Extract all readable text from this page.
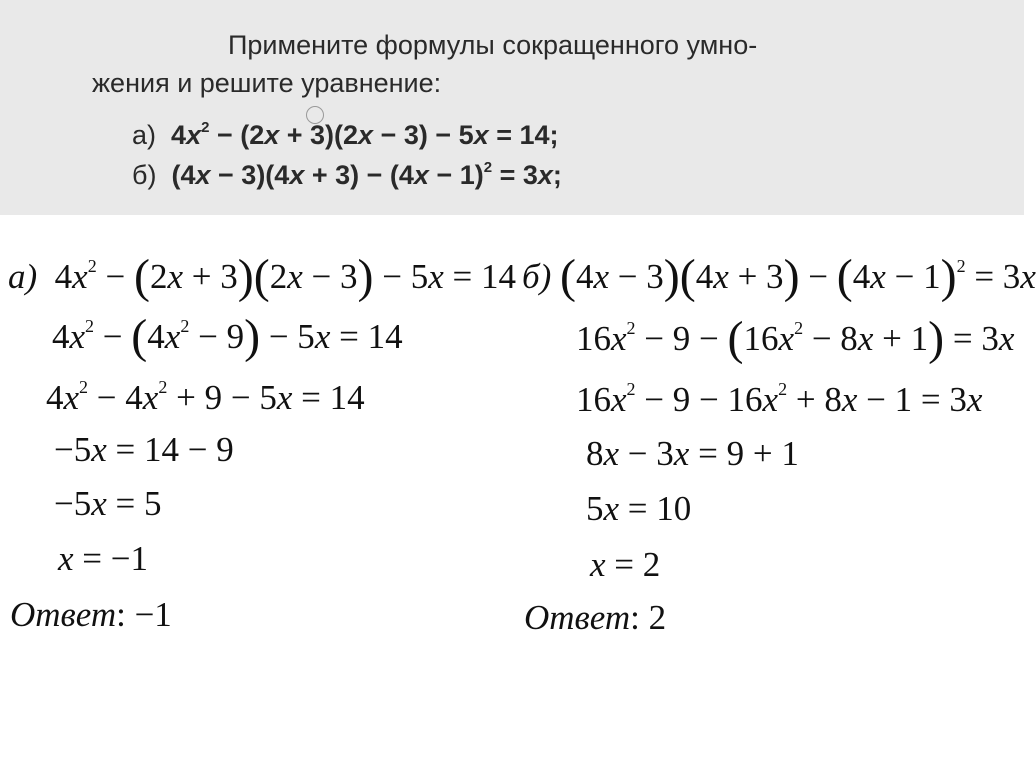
Примените формулы сокращенного умно-
жения и решите уравнение:
а)  $4x^2 - (2x + 3)(2x - 3) - 5x = 14$;
б)  $(4x - 3)(4x + 3) - (4x - 1)^2 = 3x$;
а)  $4x^2 - (2x + 3)(2x - 3) - 5x = 14$
$4x^2 - (4x^2 - 9) - 5x = 14$
$4x^2 - 4x^2 + 9 - 5x = 14$
−5x = 14 − 9
−5x = 5
x = −1
Ответ: −1
б) $(4x - 3)(4x + 3) - (4x - 1)^2 = 3x$
$16x^2 - 9 - (16x^2 - 8x + 1) = 3x$
$16x^2 - 9 - 16x^2 + 8x - 1 = 3x$
8x − 3x = 9 + 1
5x = 10
x = 2
Ответ: 2
